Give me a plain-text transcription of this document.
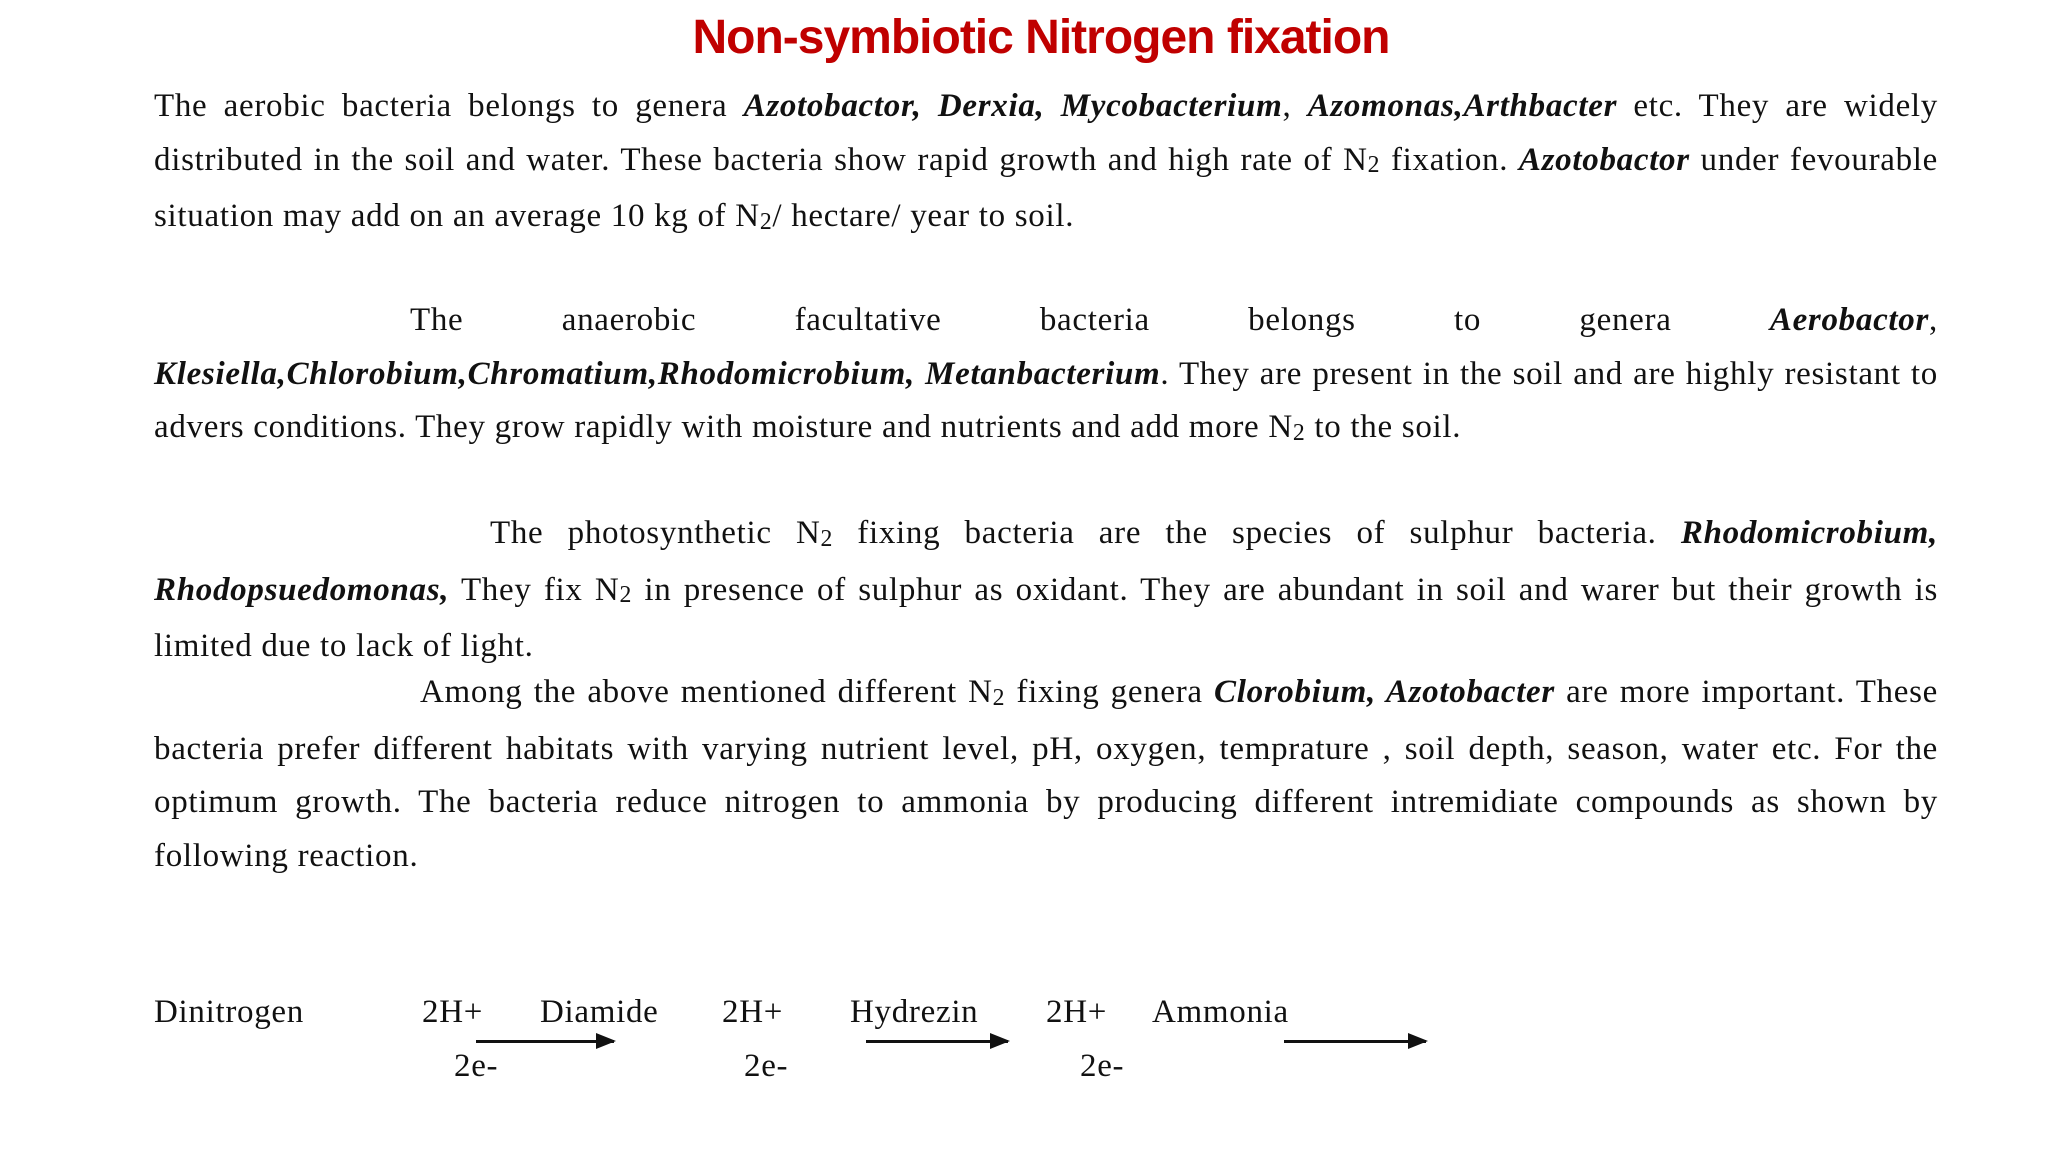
Non-symbiotic Nitrogen fixation

The aerobic bacteria belongs to genera Azotobactor, Derxia, Mycobacterium, Azomonas,Arthbacter etc. They are widely distributed in the soil and water. These bacteria show rapid growth and high rate of N2 fixation. Azotobactor under fevourable situation may add on an average 10 kg of N2/ hectare/ year to soil.

The anaerobic facultative bacteria belongs to genera Aerobactor, Klesiella,Chlorobium,Chromatium,Rhodomicrobium, Metanbacterium. They are present in the soil and are highly resistant to advers conditions. They grow rapidly with moisture and nutrients and add more N2 to the soil.

The photosynthetic N2 fixing bacteria are the species of sulphur bacteria. Rhodomicrobium, Rhodopsuedomonas, They fix N2 in presence of sulphur as oxidant. They are abundant in soil and warer but their growth is limited due to lack of light.

Among the above mentioned different N2 fixing genera Clorobium, Azotobacter are more important. These bacteria prefer different habitats with varying nutrient level, pH, oxygen, temprature , soil depth, season, water etc. For the optimum growth. The bacteria reduce nitrogen to ammonia by producing different intremidiate compounds as shown by following reaction.

Dinitrogen	2H+
2e-
Diamide 2H+
2e-
Hydrezin 2H+
2e-
Ammonia
